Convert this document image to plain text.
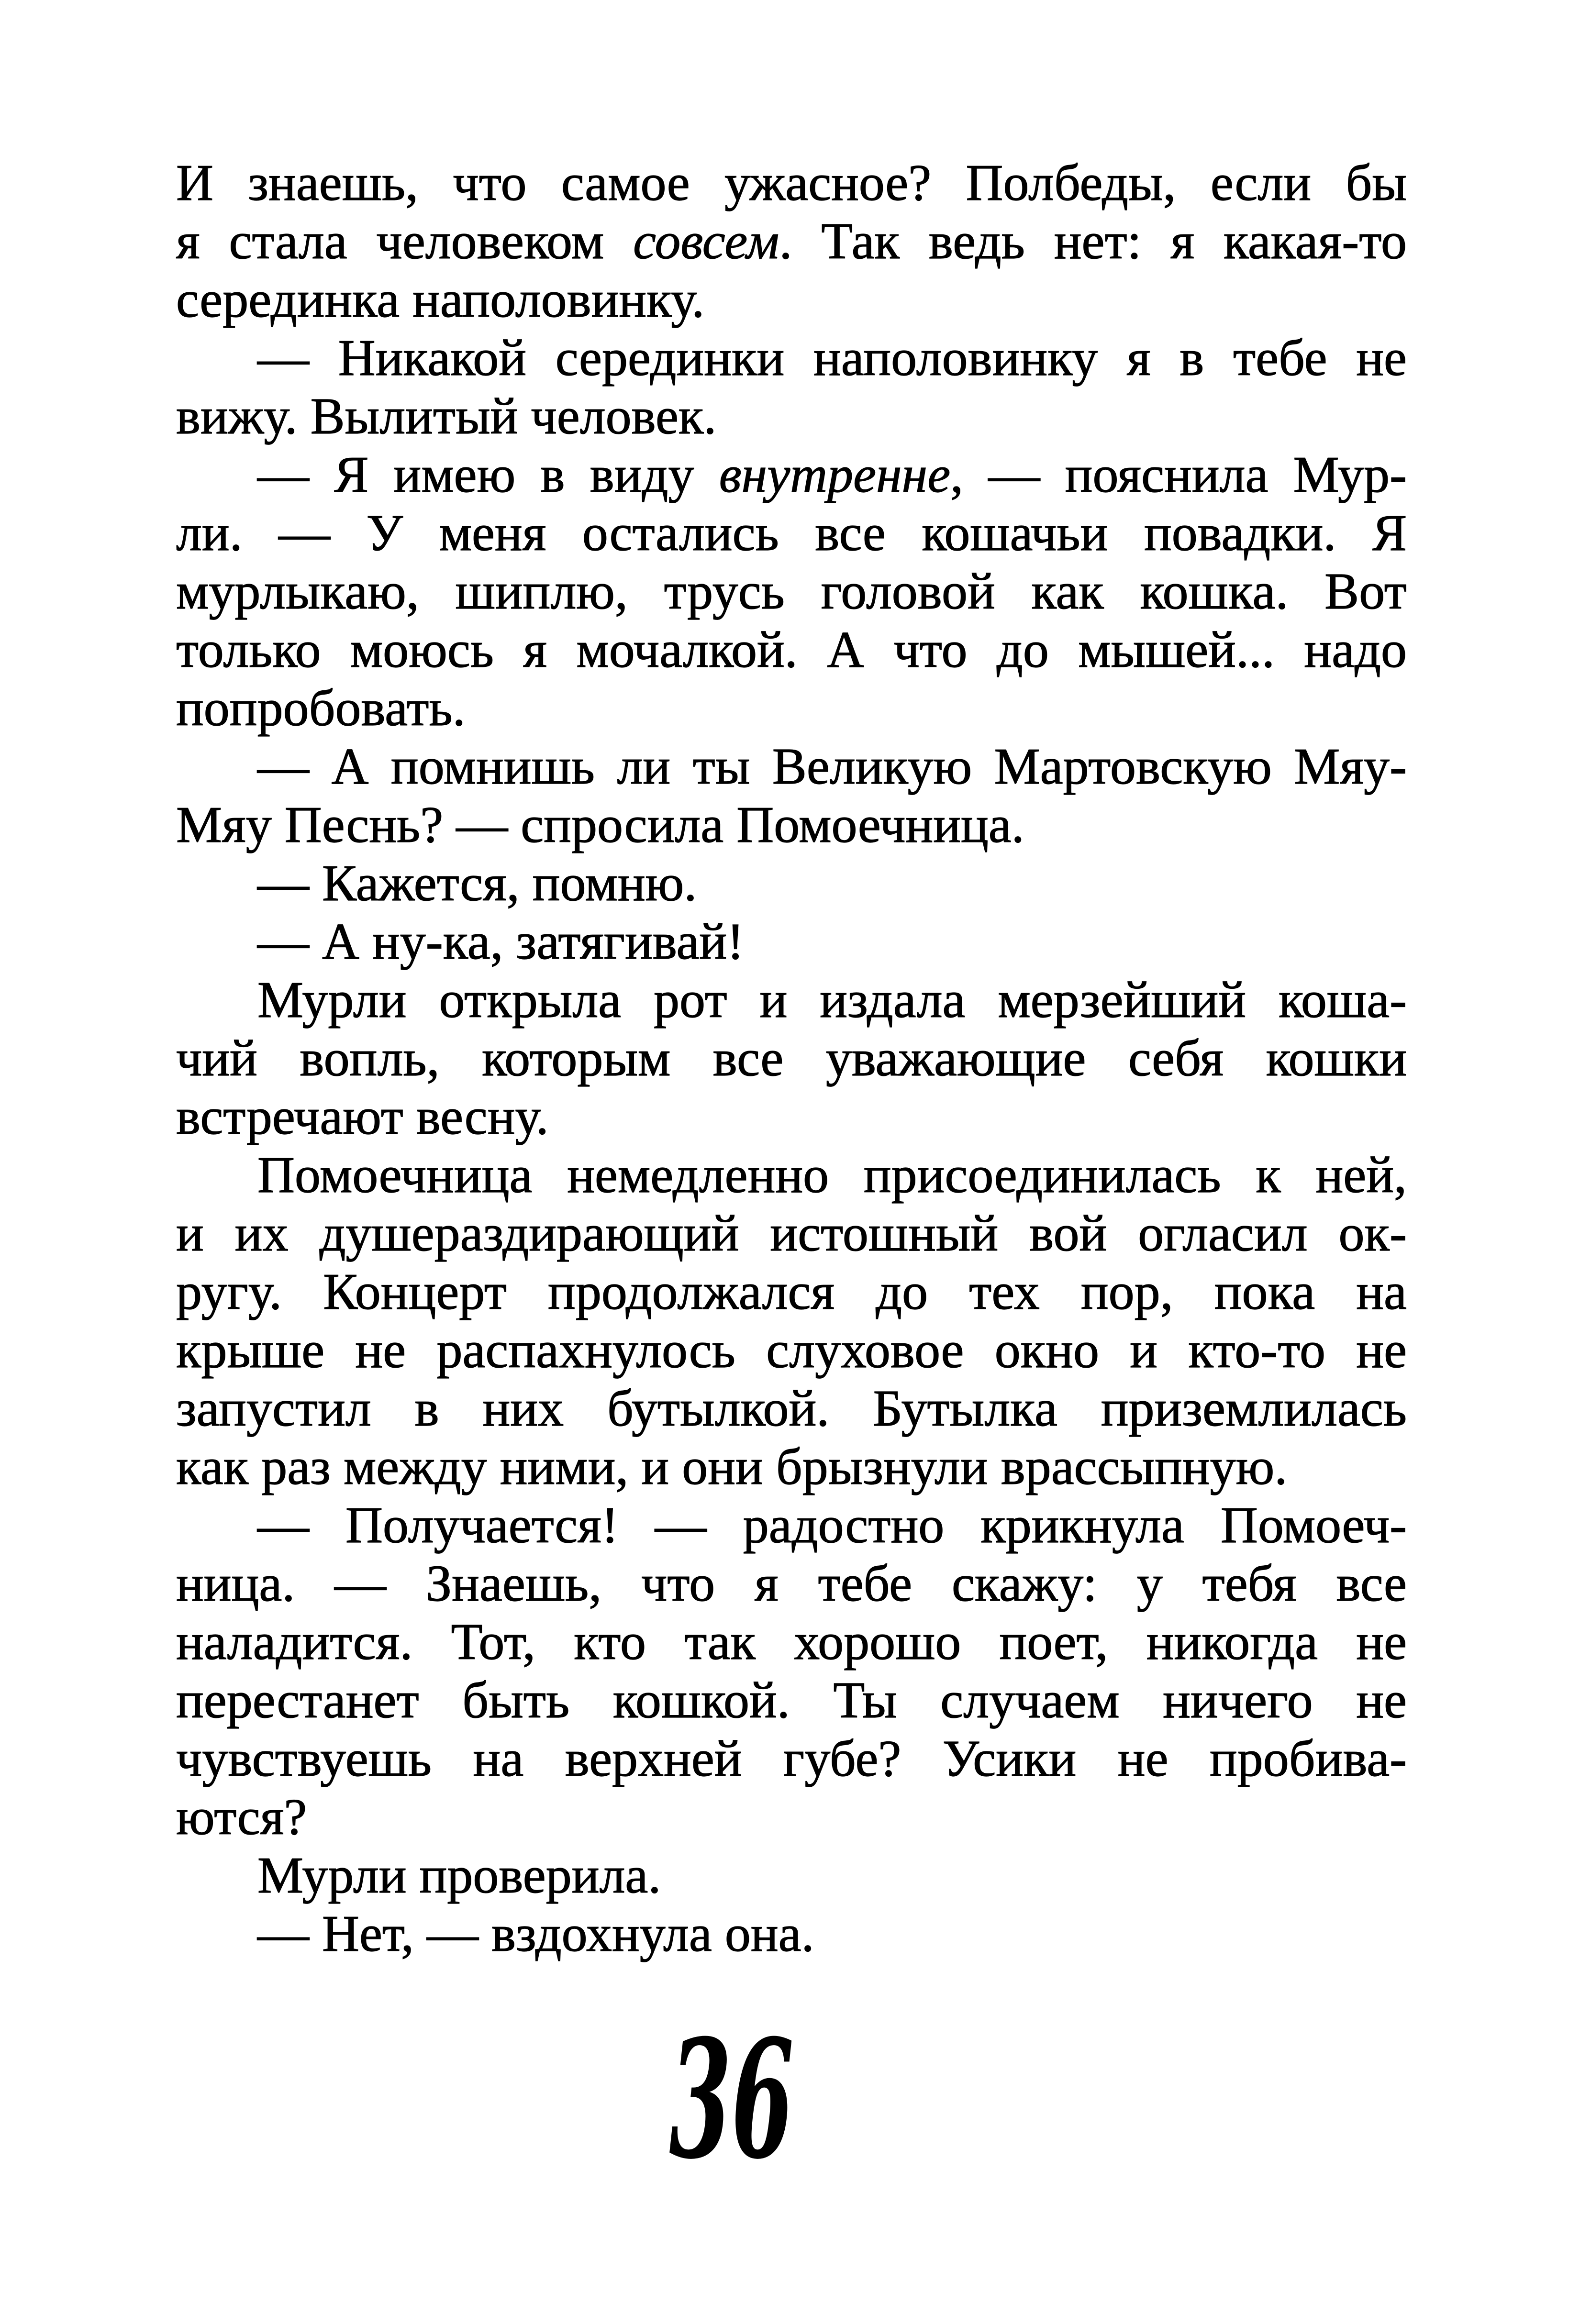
И знаешь, что самое ужасное? Полбеды, если бы
я стала человеком совсем. Так ведь нет: я какая-то
серединка наполовинку.
— Никакой серединки наполовинку я в тебе не
вижу. Вылитый человек.
— Я имею в виду внутренне, — пояснила Мур-
ли. — У меня остались все кошачьи повадки. Я
мурлыкаю, шиплю, трусь головой как кошка. Вот
только моюсь я мочалкой. А что до мышей... надо
попробовать.
— А помнишь ли ты Великую Мартовскую Мяу-
Мяу Песнь? — спросила Помоечница.
— Кажется, помню.
— А ну-ка, затягивай!
Мурли открыла рот и издала мерзейший коша-
чий вопль, которым все уважающие себя кошки
встречают весну.
Помоечница немедленно присоединилась к ней,
и их душераздирающий истошный вой огласил ок-
ругу. Концерт продолжался до тех пор, пока на
крыше не распахнулось слуховое окно и кто-то не
запустил в них бутылкой. Бутылка приземлилась
как раз между ними, и они брызнули врассыпную.
— Получается! — радостно крикнула Помоеч-
ница. — Знаешь, что я тебе скажу: у тебя все
наладится. Тот, кто так хорошо поет, никогда не
перестанет быть кошкой. Ты случаем ничего не
чувствуешь на верхней губе? Усики не пробива-
ются?
Мурли проверила.
— Нет, — вздохнула она.
36
